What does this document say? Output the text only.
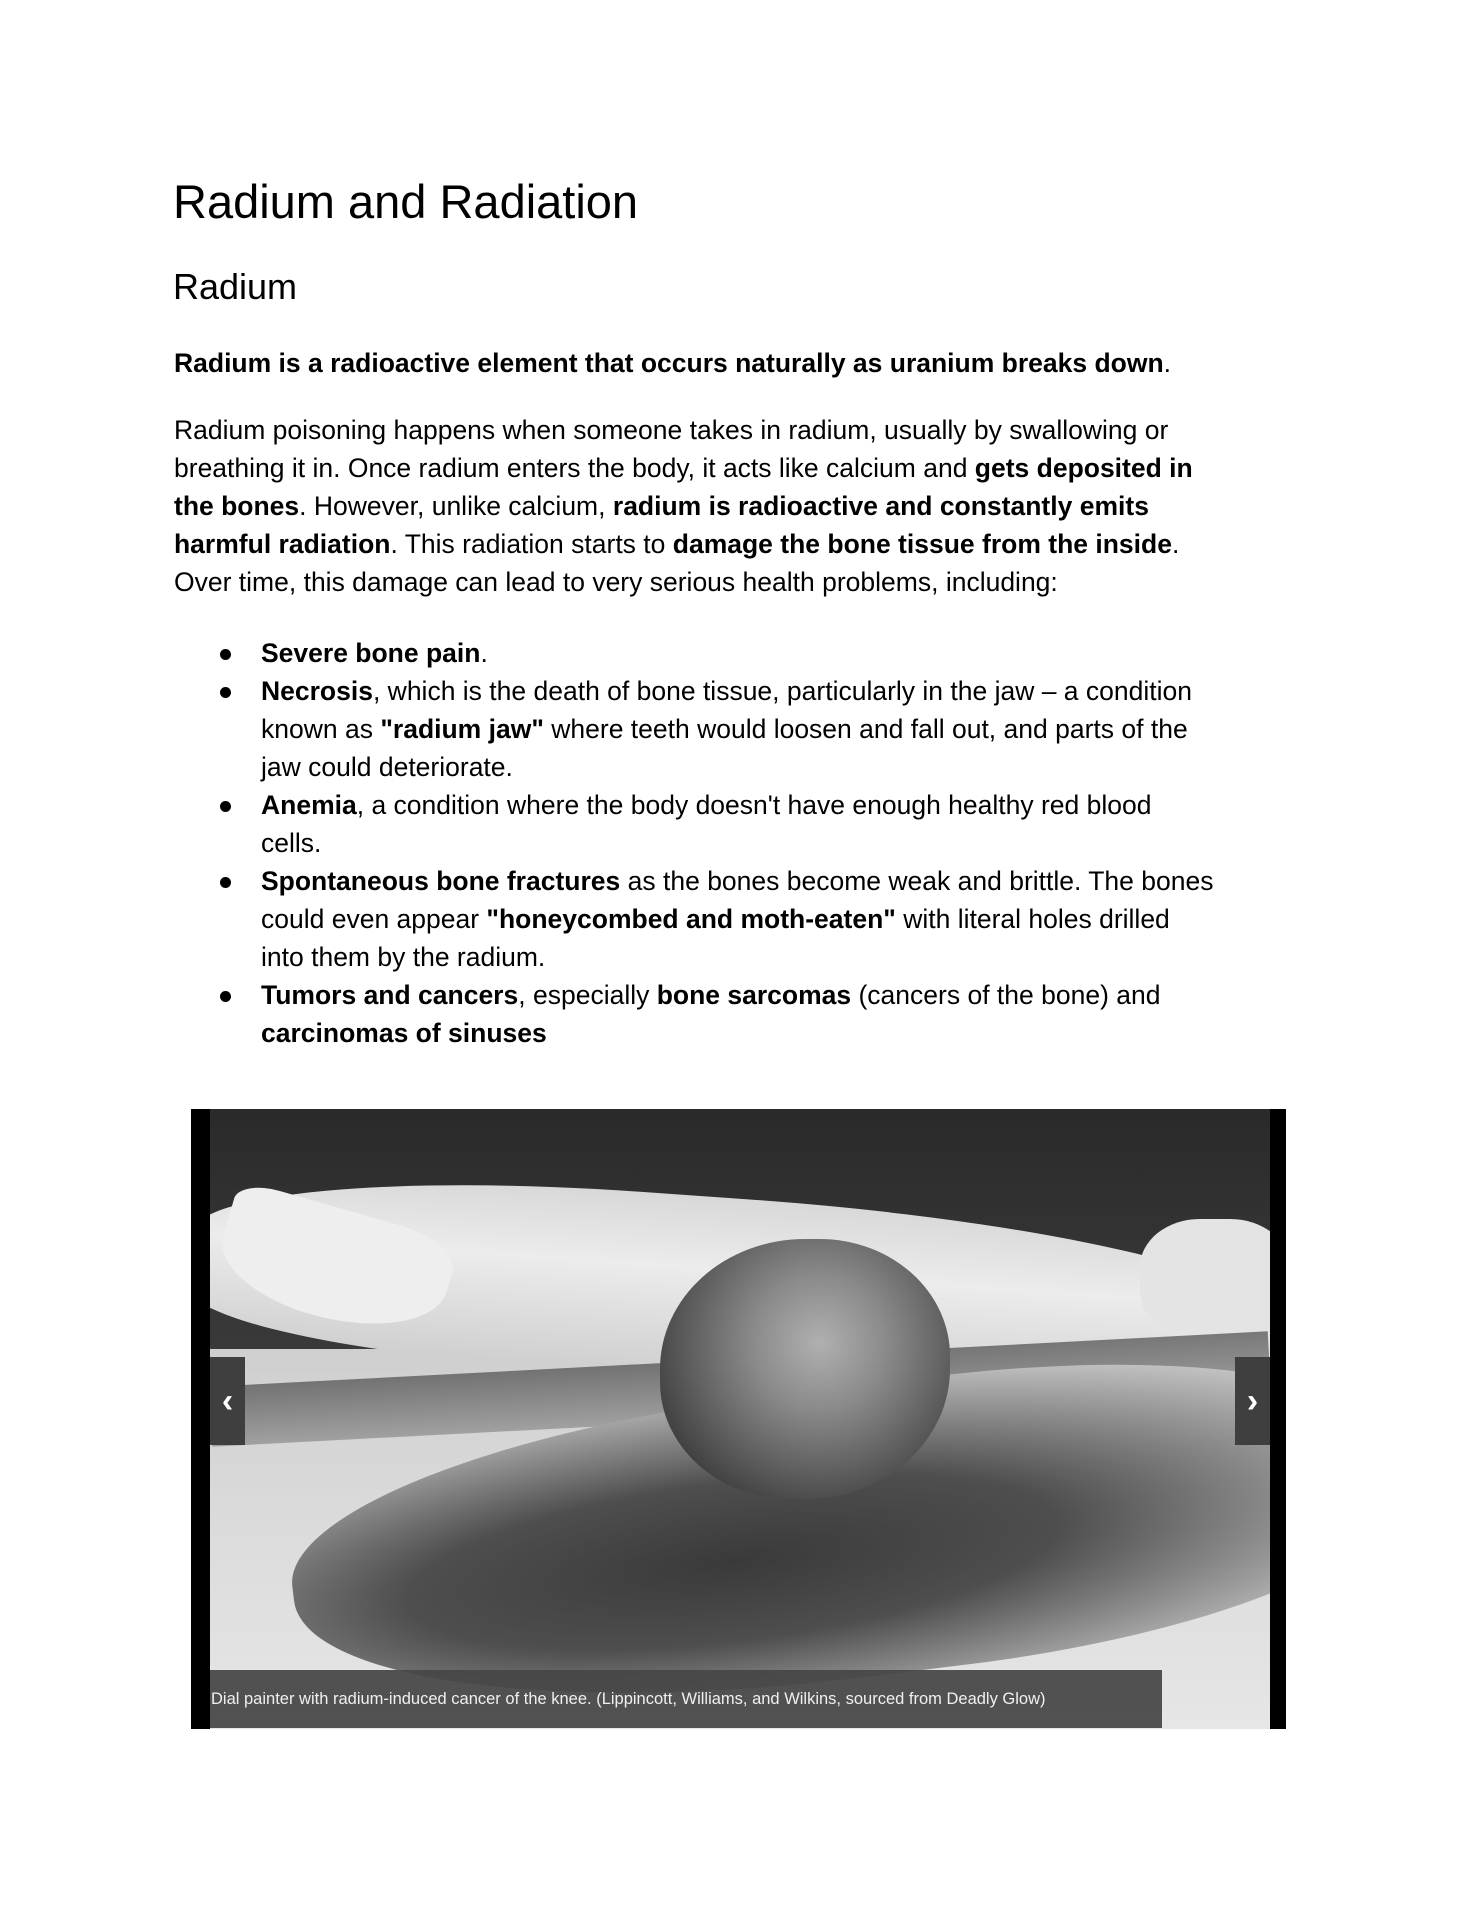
Radium and Radiation
Radium

Radium is a radioactive element that occurs naturally as uranium breaks down.

Radium poisoning happens when someone takes in radium, usually by swallowing or
breathing it in. Once radium enters the body, it acts like calcium and gets deposited in
the bones. However, unlike calcium, radium is radioactive and constantly emits
harmful radiation. This radiation starts to damage the bone tissue from the inside.
Over time, this damage can lead to very serious health problems, including:

Severe bone pain.
Necrosis, which is the death of bone tissue, particularly in the jaw – a condition
known as "radium jaw" where teeth would loosen and fall out, and parts of the
jaw could deteriorate.
Anemia, a condition where the body doesn't have enough healthy red blood
cells.
Spontaneous bone fractures as the bones become weak and brittle. The bones
could even appear "honeycombed and moth-eaten" with literal holes drilled
into them by the radium.
Tumors and cancers, especially bone sarcomas (cancers of the bone) and
carcinomas of sinuses
‹	›
Dial painter with radium-induced cancer of the knee. (Lippincott, Williams, and Wilkins, sourced from Deadly Glow)
